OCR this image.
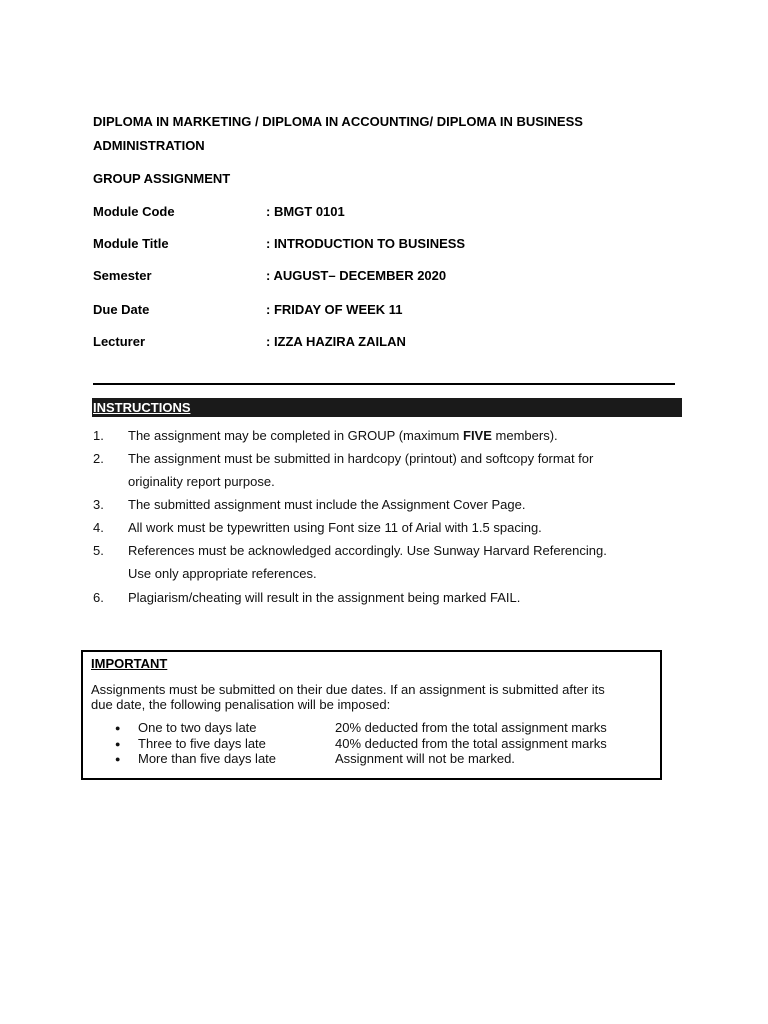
DIPLOMA IN MARKETING / DIPLOMA IN ACCOUNTING/ DIPLOMA IN BUSINESS
ADMINISTRATION
GROUP ASSIGNMENT
Module Code	: BMGT 0101
Module Title	: INTRODUCTION TO BUSINESS
Semester	: AUGUST– DECEMBER 2020
Due Date	: FRIDAY OF WEEK 11
Lecturer	: IZZA HAZIRA ZAILAN
INSTRUCTIONS
1. The assignment may be completed in GROUP (maximum FIVE members).
2. The assignment must be submitted in hardcopy (printout) and softcopy format for
originality report purpose.
3. The submitted assignment must include the Assignment Cover Page.
4. All work must be typewritten using Font size 11 of Arial with 1.5 spacing.
5. References must be acknowledged accordingly. Use Sunway Harvard Referencing.
Use only appropriate references.
6. Plagiarism/cheating will result in the assignment being marked FAIL.
IMPORTANT
Assignments must be submitted on their due dates. If an assignment is submitted after its
due date, the following penalisation will be imposed:
● One to two days late	20% deducted from the total assignment marks
● Three to five days late	40% deducted from the total assignment marks
● More than five days late	Assignment will not be marked.
